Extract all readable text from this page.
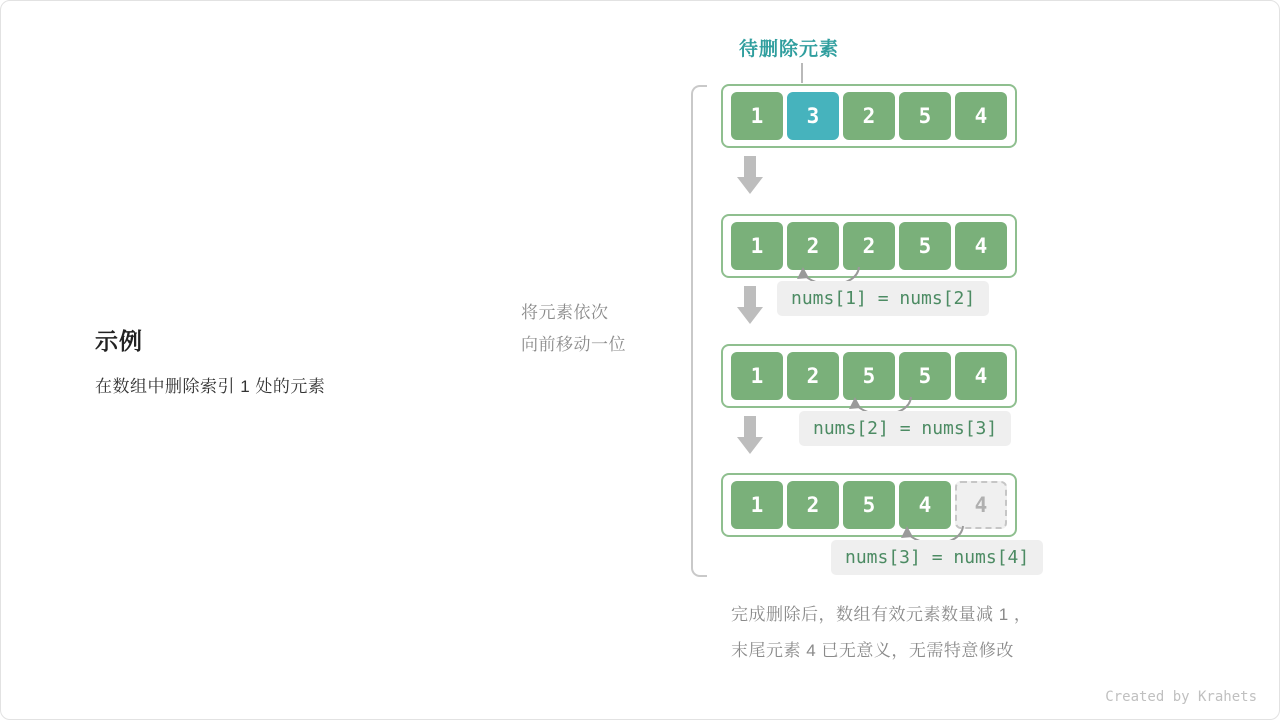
示例
在数组中删除索引 1 处的元素
将元素依次
向前移动一位
待删除元素
1	3	2	5	4
1	2	2	5	4
nums[1] = nums[2]
1	2	5	5	4
nums[2] = nums[3]
1	2	5	4	4
nums[3] = nums[4]
完成删除后，数组有效元素数量减 1 ，
末尾元素 4 已无意义，无需特意修改
Created by Krahets
